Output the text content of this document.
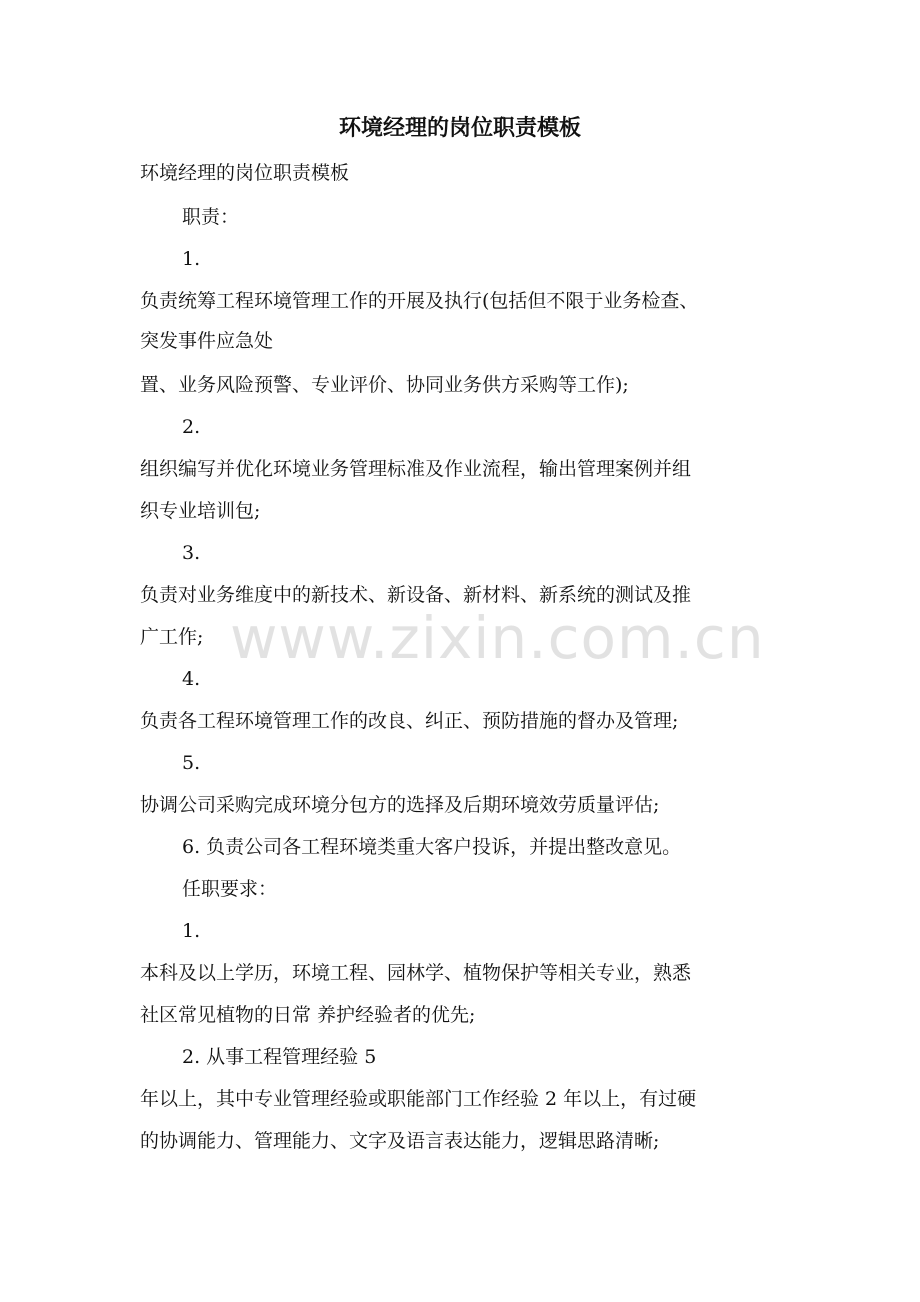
环境经理的岗位职责模板
环境经理的岗位职责模板
职责：
1.
负责统筹工程环境管理工作的开展及执行(包括但不限于业务检查、
突发事件应急处
置、业务风险预警、专业评价、协同业务供方采购等工作);
2.
组织编写并优化环境业务管理标准及作业流程，输出管理案例并组
织专业培训包;
3.
负责对业务维度中的新技术、新设备、新材料、新系统的测试及推
广工作;
4.
负责各工程环境管理工作的改良、纠正、预防措施的督办及管理;
5.
协调公司采购完成环境分包方的选择及后期环境效劳质量评估;
6. 负责公司各工程环境类重大客户投诉，并提出整改意见。
任职要求：
1.
本科及以上学历，环境工程、园林学、植物保护等相关专业，熟悉
社区常见植物的日常 养护经验者的优先;
2. 从事工程管理经验 5
年以上，其中专业管理经验或职能部门工作经验 2 年以上，有过硬
的协调能力、管理能力、文字及语言表达能力，逻辑思路清晰;
www.zixin.com.cn
